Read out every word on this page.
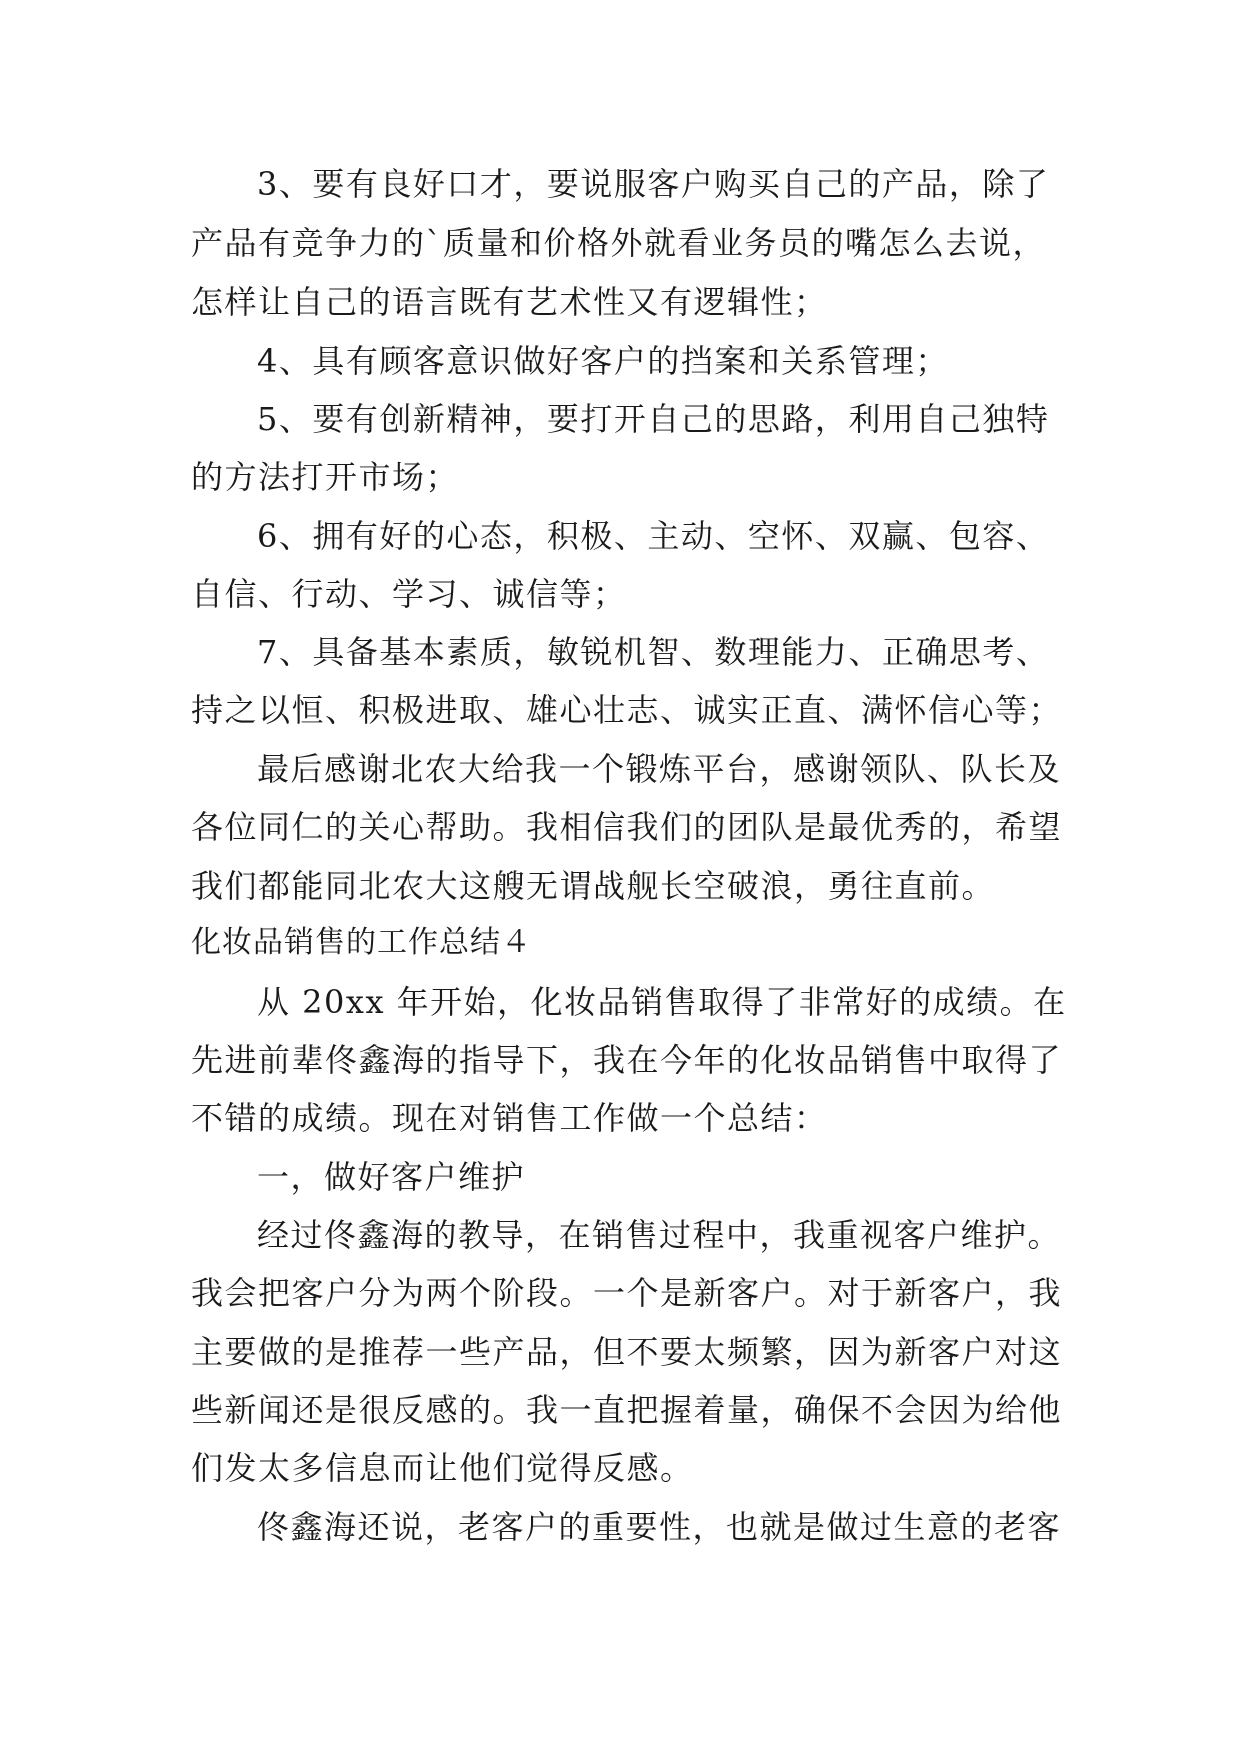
3、要有良好口才，要说服客户购买自己的产品，除了
产品有竞争力的`质量和价格外就看业务员的嘴怎么去说，
怎样让自己的语言既有艺术性又有逻辑性；
4、具有顾客意识做好客户的挡案和关系管理；
5、要有创新精神，要打开自己的思路，利用自己独特
的方法打开市场；
6、拥有好的心态，积极、主动、空怀、双赢、包容、
自信、行动、学习、诚信等；
7、具备基本素质，敏锐机智、数理能力、正确思考、
持之以恒、积极进取、雄心壮志、诚实正直、满怀信心等；
最后感谢北农大给我一个锻炼平台，感谢领队、队长及
各位同仁的关心帮助。我相信我们的团队是最优秀的，希望
我们都能同北农大这艘无谓战舰长空破浪，勇往直前。
化妆品销售的工作总结４
从 20xx 年开始，化妆品销售取得了非常好的成绩。在
先进前辈佟鑫海的指导下，我在今年的化妆品销售中取得了
不错的成绩。现在对销售工作做一个总结：
一，做好客户维护
经过佟鑫海的教导，在销售过程中，我重视客户维护。
我会把客户分为两个阶段。一个是新客户。对于新客户，我
主要做的是推荐一些产品，但不要太频繁，因为新客户对这
些新闻还是很反感的。我一直把握着量，确保不会因为给他
们发太多信息而让他们觉得反感。
佟鑫海还说，老客户的重要性，也就是做过生意的老客
